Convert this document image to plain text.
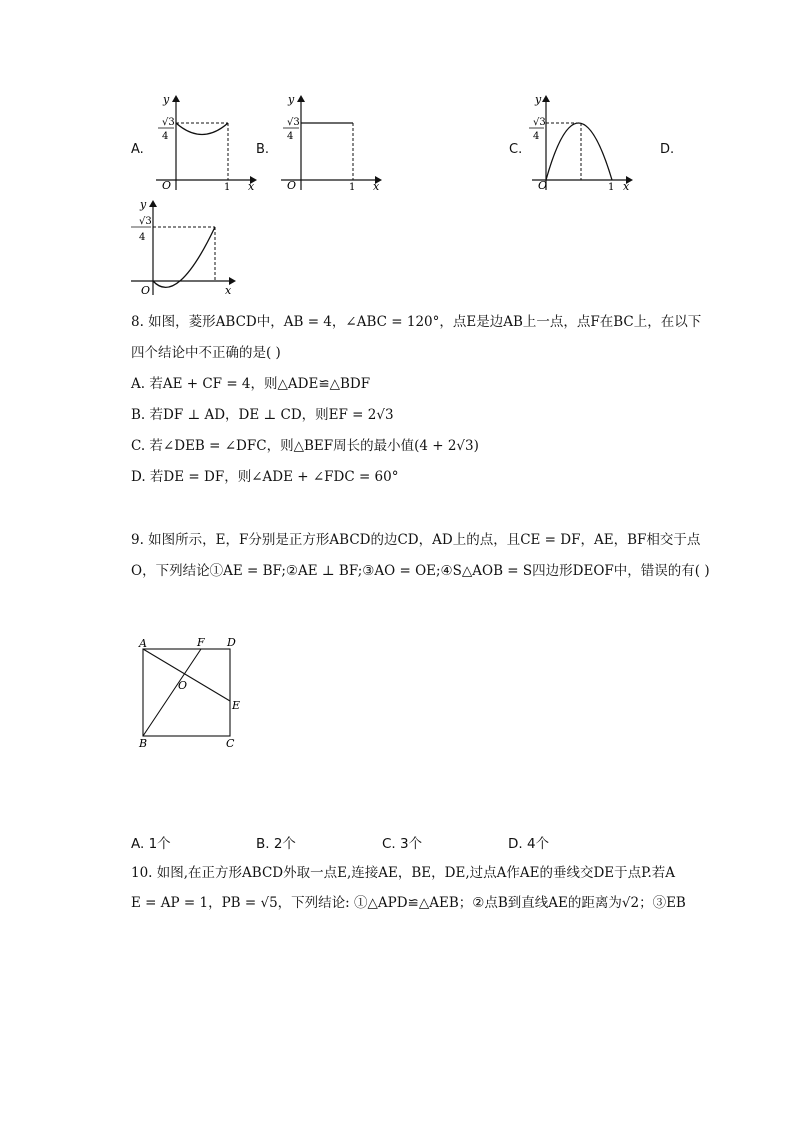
A.
y
x
O
√3
4
1
B.
y
x
O
√3
4
1
C.
y
x
O
√3
4
1
D.
y
x
O
√3
4
8. 如图，菱形ABCD中，AB = 4，∠ABC = 120°，点E是边AB上一点，点F在BC上，在以下
四个结论中不正确的是( )
A. 若AE + CF = 4，则△ADE≌△BDF
B. 若DF ⊥ AD，DE ⊥ CD，则EF = 2√3
C. 若∠DEB = ∠DFC，则△BEF周长的最小值(4 + 2√3)
D. 若DE = DF，则∠ADE + ∠FDC = 60°
9. 如图所示，E，F分别是正方形ABCD的边CD，AD上的点，且CE = DF，AE，BF相交于点
O，下列结论①AE = BF;②AE ⊥ BF;③AO = OE;④S△AOB = S四边形DEOF中，错误的有( )
A	F D
O
E
B	C
A. 1个	B. 2个	C. 3个	D. 4个
10. 如图,在正方形ABCD外取一点E,连接AE，BE，DE,过点A作AE的垂线交DE于点P.若A
E = AP = 1，PB = √5，下列结论: ①△APD≌△AEB；②点B到直线AE的距离为√2；③EB
